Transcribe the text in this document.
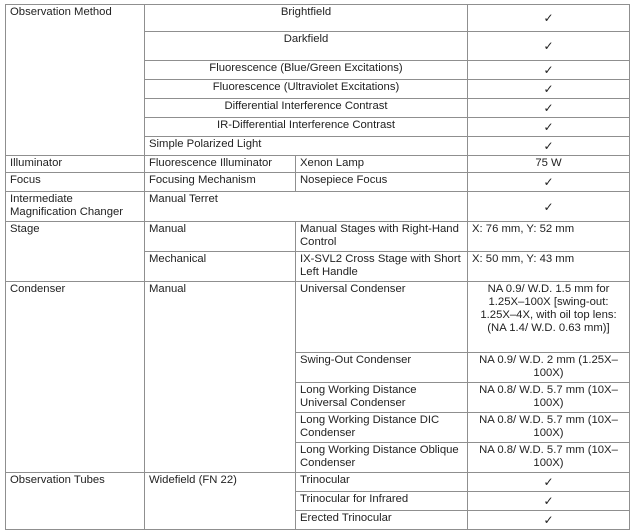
Observation Method	Brightfield		✓
	Darkfield		✓
	Fluorescence (Blue/Green Excitations)		✓
	Fluorescence (Ultraviolet Excitations)		✓
	Differential Interference Contrast		✓
	IR-Differential Interference Contrast		✓
	Simple Polarized Light		✓
Illuminator	Fluorescence Illuminator	Xenon Lamp	75 W
Focus	Focusing Mechanism	Nosepiece Focus	✓
Intermediate Magnification Changer	Manual Terret		✓
Stage	Manual	Manual Stages with Right-Hand Control	X: 76 mm, Y: 52 mm
	Mechanical	IX-SVL2 Cross Stage with Short Left Handle	X: 50 mm, Y: 43 mm
Condenser	Manual	Universal Condenser	NA 0.9/ W.D. 1.5 mm for 1.25X–100X [swing-out: 1.25X–4X, with oil top lens: (NA 1.4/ W.D. 0.63 mm)]
		Swing-Out Condenser	NA 0.9/ W.D. 2 mm (1.25X–100X)
		Long Working Distance Universal Condenser	NA 0.8/ W.D. 5.7 mm (10X–100X)
		Long Working Distance DIC Condenser	NA 0.8/ W.D. 5.7 mm (10X–100X)
		Long Working Distance Oblique Condenser	NA 0.8/ W.D. 5.7 mm (10X–100X)
Observation Tubes	Widefield (FN 22)	Trinocular	✓
		Trinocular for Infrared	✓
		Erected Trinocular	✓
